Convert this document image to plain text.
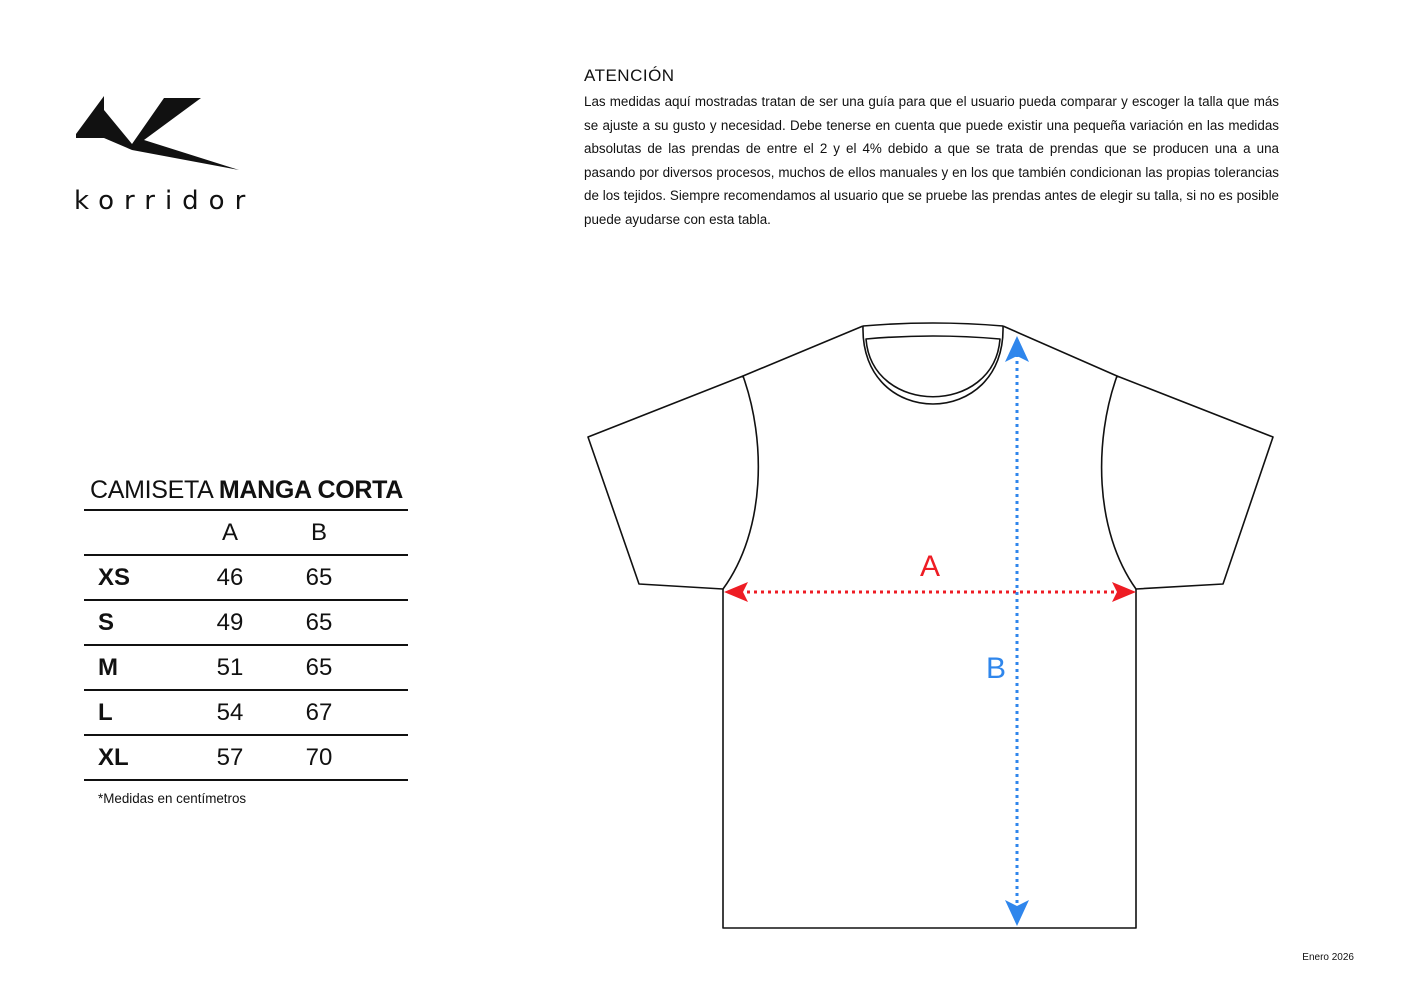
korridor
ATENCIÓN

Las medidas aquí mostradas tratan de ser una guía para que el usuario pueda comparar y escoger la talla que más se ajuste a su gusto y necesidad. Debe tenerse en cuenta que puede existir una pequeña variación en las medidas absolutas de las prendas de entre el 2 y el 4% debido a que se trata de prendas que se producen una a una pasando por diversos procesos, muchos de ellos manuales y en los que también condicionan las propias tolerancias de los tejidos. Siempre recomendamos al usuario que se pruebe las prendas antes de elegir su talla, si no es posible puede ayudarse con esta tabla.

CAMISETA MANGA CORTA
	A	B	
XS	46	65	
S	49	65	
M	51	65	
L	54	67	
XL	57	70	
*Medidas en centímetros
A
B
Enero 2026
